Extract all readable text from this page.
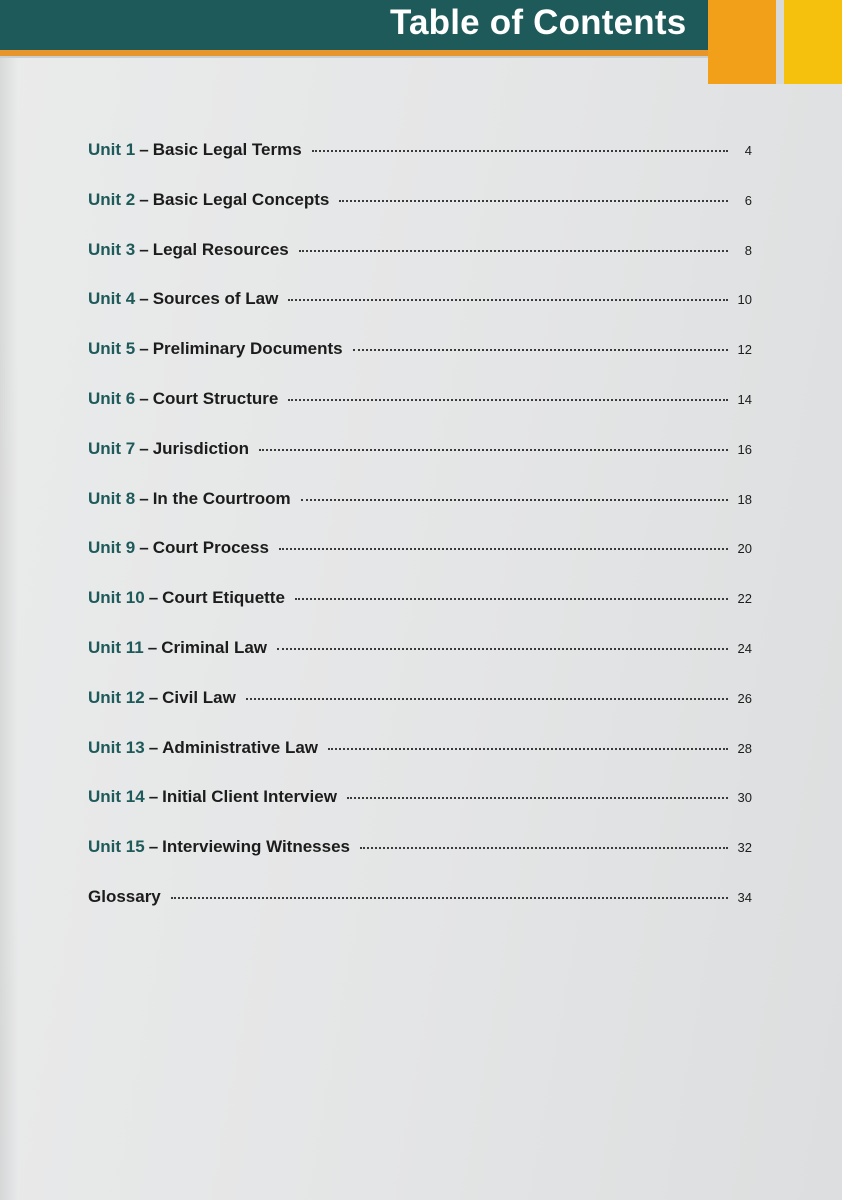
Table of Contents
Unit 1 – Basic Legal Terms	4
Unit 2 – Basic Legal Concepts	6
Unit 3 – Legal Resources	8
Unit 4 – Sources of Law	10
Unit 5 – Preliminary Documents	12
Unit 6 – Court Structure	14
Unit 7 – Jurisdiction	16
Unit 8 – In the Courtroom	18
Unit 9 – Court Process	20
Unit 10 – Court Etiquette	22
Unit 11 – Criminal Law	24
Unit 12 – Civil Law	26
Unit 13 – Administrative Law	28
Unit 14 – Initial Client Interview	30
Unit 15 – Interviewing Witnesses	32
Glossary	34
